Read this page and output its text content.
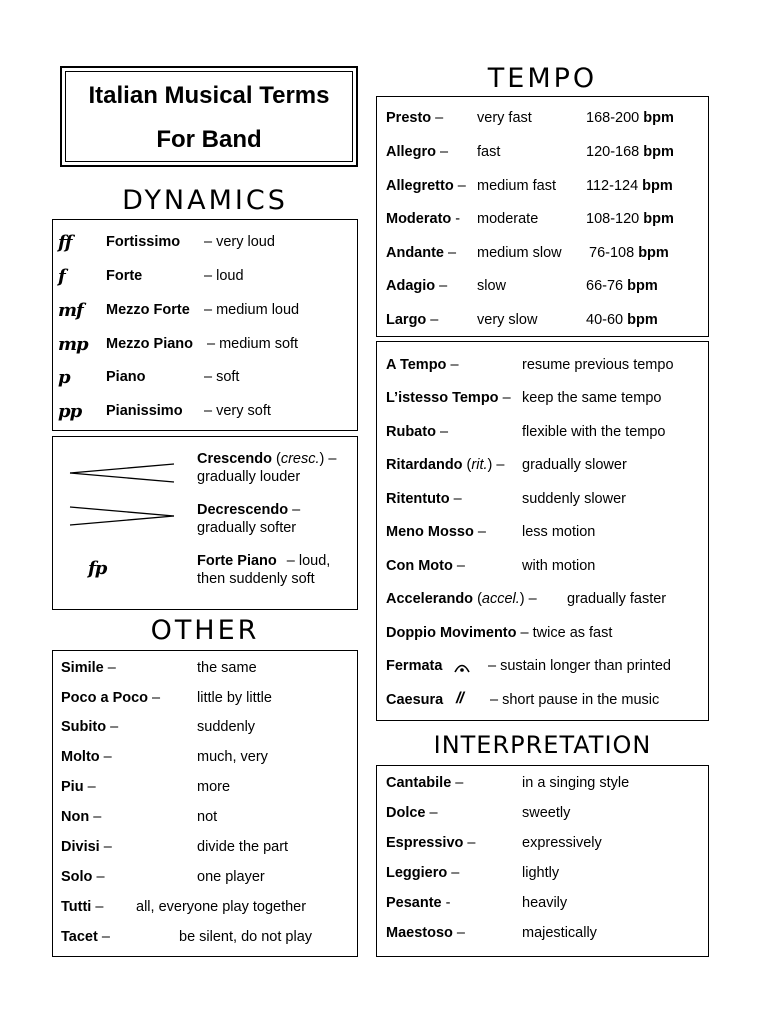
Italian Musical Terms
For Band
DYNAMICS
TEMPO
OTHER
INTERPRETATION
ff Fortissimo – very loud
f	Forte	– loud
mf Mezzo Forte – medium loud
mp Mezzo Piano – medium soft
p	Piano	– soft
pp Pianissimo – very soft
Crescendo (cresc.) –
gradually louder
Decrescendo –
gradually softer
fp	Forte Piano – loud,
then suddenly soft
Simile –	the same
Poco a Poco –	little by little
Subito –	suddenly
Molto –	much, very
Piu –	more
Non –	not
Divisi –	divide the part
Solo –	one player
Tutti – all, everyone play together
Tacet –	be silent, do not play
Presto – very fast	168-200 bpm
Allegro – fast	120-168 bpm
Allegretto – medium fast 112-124 bpm
Moderato - moderate	108-120 bpm
Andante – medium slow 76-108 bpm
Adagio – slow	66-76 bpm
Largo –	very slow	40-60 bpm
A Tempo –	resume previous tempo
L’istesso Tempo – keep the same tempo
Rubato –	flexible with the tempo
Ritardando (rit.) – gradually slower
Ritentuto –	suddenly slower
Meno Mosso – less motion
Con Moto –	with motion
Accelerando (accel.) – gradually faster
Doppio Movimento – twice as fast
Fermata	– sustain longer than printed
Caesura // – short pause in the music
Cantabile –	in a singing style
Dolce –	sweetly
Espressivo –	expressively
Leggiero –	lightly
Pesante -	heavily
Maestoso –	majestically
